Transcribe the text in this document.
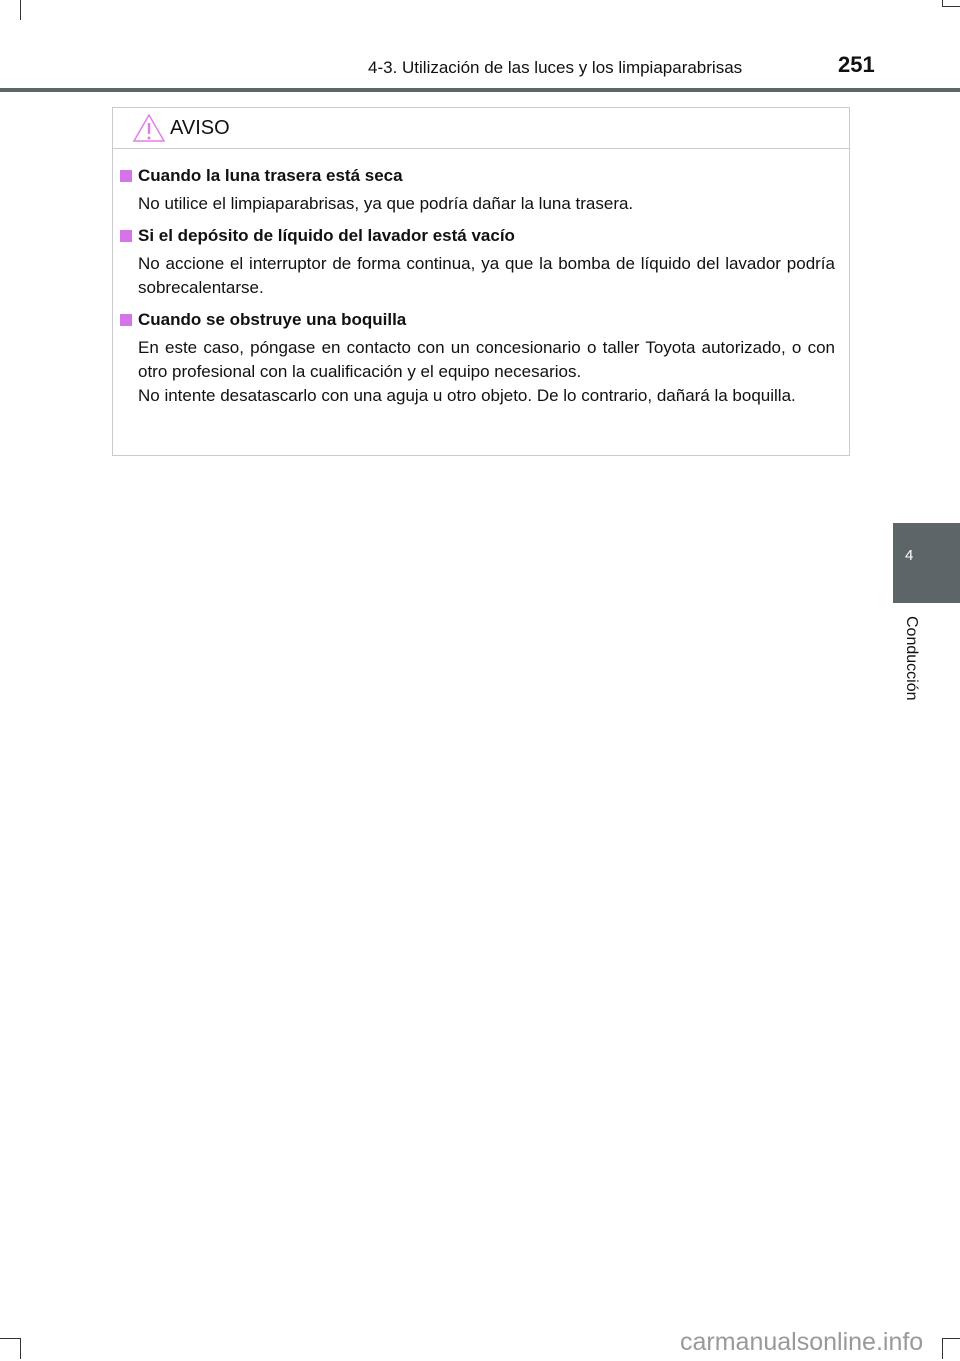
4-3. Utilización de las luces y los limpiaparabrisas	251
AVISO
Cuando la luna trasera está seca

No utilice el limpiaparabrisas, ya que podría dañar la luna trasera.

Si el depósito de líquido del lavador está vacío

No accione el interruptor de forma continua, ya que la bomba de líquido del lavador podría sobrecalentarse.

Cuando se obstruye una boquilla

En este caso, póngase en contacto con un concesionario o taller Toyota autorizado, o con otro profesional con la cualificación y el equipo necesarios.

No intente desatascarlo con una aguja u otro objeto. De lo contrario, dañará la boquilla.

4
Conducción
carmanualsonline.info
